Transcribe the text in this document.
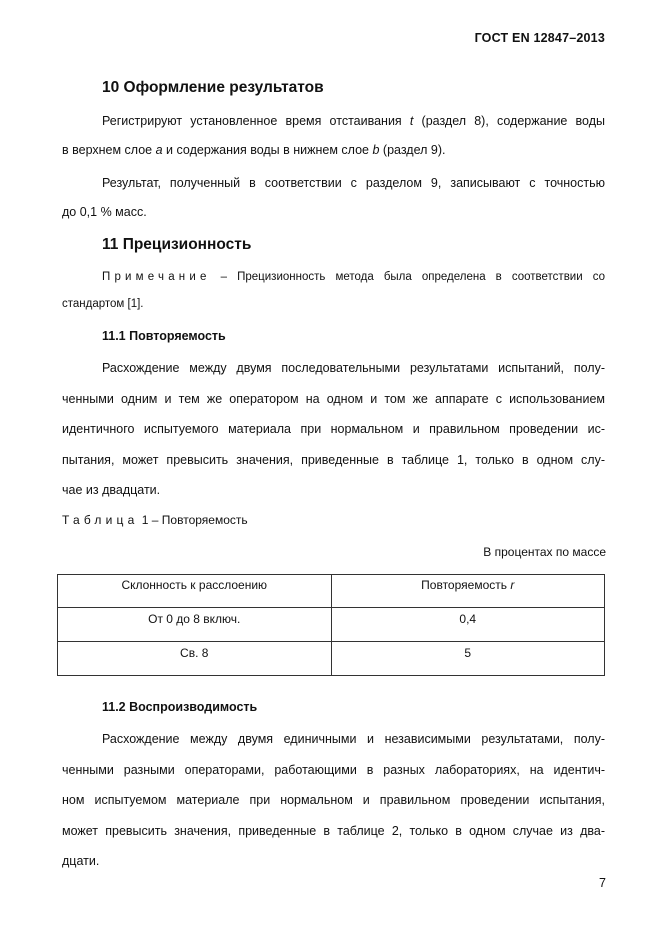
ГОСТ EN 12847–2013
10 Оформление результатов
Регистрируют установленное время отстаивания t (раздел 8), содержание воды
в верхнем слое a и содержания воды в нижнем слое b (раздел 9).
Результат, полученный в соответствии с разделом 9, записывают с точностью
до 0,1 % масс.
11 Прецизионность
Примечание – Прецизионность метода была определена в соответствии со
стандартом [1].
11.1 Повторяемость
Расхождение между двумя последовательными результатами испытаний, полу-
ченными одним и тем же оператором на одном и том же аппарате с использованием
идентичного испытуемого материала при нормальном и правильном проведении ис-
пытания, может превысить значения, приведенные в таблице 1, только в одном слу-
чае из двадцати.
Таблица 1 – Повторяемость
В процентах по массе
Склонность к расслоению	Повторяемость r
От 0 до 8 включ.	0,4
Св. 8	5
11.2 Воспроизводимость
Расхождение между двумя единичными и независимыми результатами, полу-
ченными разными операторами, работающими в разных лабораториях, на идентич-
ном испытуемом материале при нормальном и правильном проведении испытания,
может превысить значения, приведенные в таблице 2, только в одном случае из два-
дцати.
7
